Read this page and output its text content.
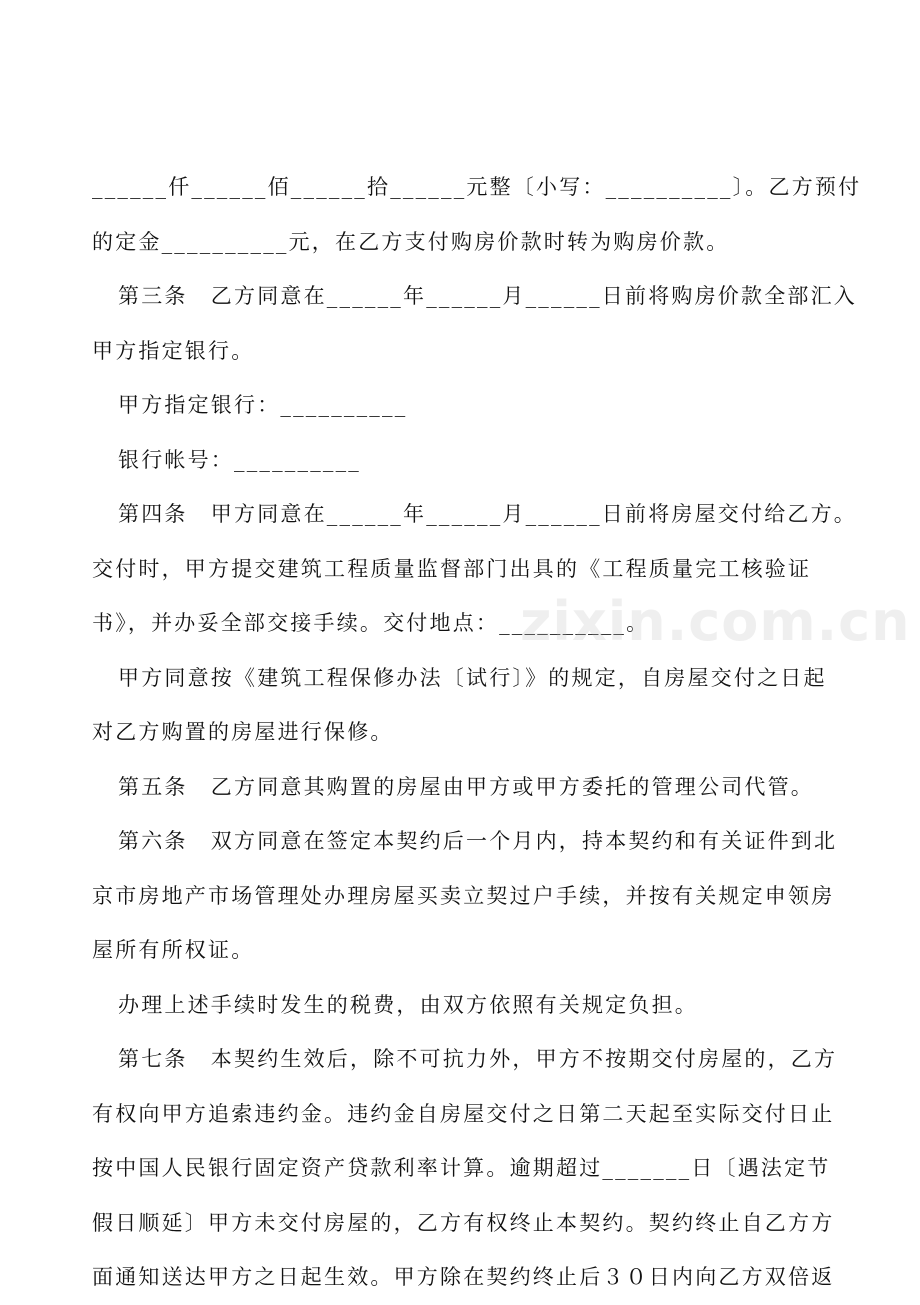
______仟______佰______拾______元整〔小写：__________〕。乙方预付
的定金__________元，在乙方支付购房价款时转为购房价款。
第三条　乙方同意在______年______月______日前将购房价款全部汇入
甲方指定银行。
甲方指定银行：__________
银行帐号：__________
第四条　甲方同意在______年______月______日前将房屋交付给乙方。
交付时，甲方提交建筑工程质量监督部门出具的《工程质量完工核验证
书》，并办妥全部交接手续。交付地点：__________。
甲方同意按《建筑工程保修办法〔试行〕》的规定，自房屋交付之日起
对乙方购置的房屋进行保修。
第五条　乙方同意其购置的房屋由甲方或甲方委托的管理公司代管。
第六条　双方同意在签定本契约后一个月内，持本契约和有关证件到北
京市房地产市场管理处办理房屋买卖立契过户手续，并按有关规定申领房
屋所有所权证。
办理上述手续时发生的税费，由双方依照有关规定负担。
第七条　本契约生效后，除不可抗力外，甲方不按期交付房屋的，乙方
有权向甲方追索违约金。违约金自房屋交付之日第二天起至实际交付日止
按中国人民银行固定资产贷款利率计算。逾期超过_______日〔遇法定节
假日顺延〕甲方未交付房屋的，乙方有权终止本契约。契约终止自乙方方
面通知送达甲方之日起生效。甲方除在契约终止后３０日内向乙方双倍返
zixin.com.cn
